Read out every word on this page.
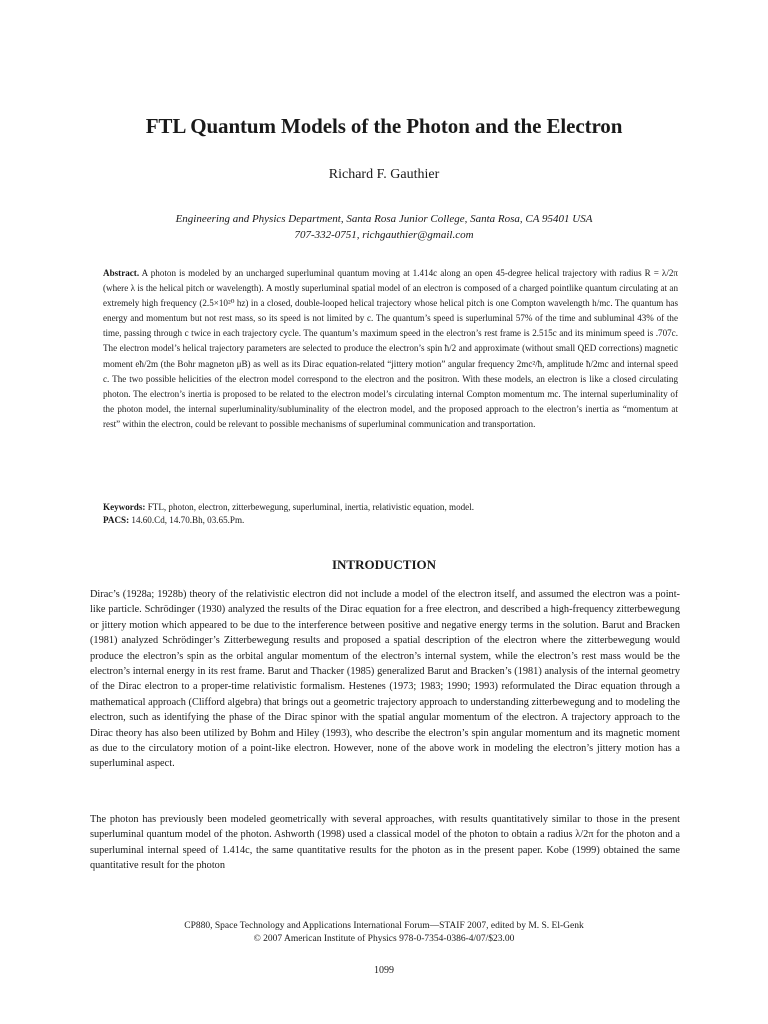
FTL Quantum Models of the Photon and the Electron
Richard F. Gauthier
Engineering and Physics Department, Santa Rosa Junior College, Santa Rosa, CA 95401 USA
707-332-0751, richgauthier@gmail.com
Abstract. A photon is modeled by an uncharged superluminal quantum moving at 1.414c along an open 45-degree helical trajectory with radius R = λ/2π (where λ is the helical pitch or wavelength). A mostly superluminal spatial model of an electron is composed of a charged pointlike quantum circulating at an extremely high frequency (2.5×10²⁰ hz) in a closed, double-looped helical trajectory whose helical pitch is one Compton wavelength h/mc. The quantum has energy and momentum but not rest mass, so its speed is not limited by c. The quantum’s speed is superluminal 57% of the time and subluminal 43% of the time, passing through c twice in each trajectory cycle. The quantum’s maximum speed in the electron’s rest frame is 2.515c and its minimum speed is .707c. The electron model’s helical trajectory parameters are selected to produce the electron’s spin ħ/2 and approximate (without small QED corrections) magnetic moment eħ/2m (the Bohr magneton μB) as well as its Dirac equation-related “jittery motion” angular frequency 2mc²/ħ, amplitude ħ/2mc and internal speed c. The two possible helicities of the electron model correspond to the electron and the positron. With these models, an electron is like a closed circulating photon. The electron’s inertia is proposed to be related to the electron model’s circulating internal Compton momentum mc. The internal superluminality of the photon model, the internal superluminality/subluminality of the electron model, and the proposed approach to the electron’s inertia as “momentum at rest” within the electron, could be relevant to possible mechanisms of superluminal communication and transportation.
Keywords: FTL, photon, electron, zitterbewegung, superluminal, inertia, relativistic equation, model.
PACS: 14.60.Cd, 14.70.Bh, 03.65.Pm.
INTRODUCTION
Dirac’s (1928a; 1928b) theory of the relativistic electron did not include a model of the electron itself, and assumed the electron was a point-like particle. Schrödinger (1930) analyzed the results of the Dirac equation for a free electron, and described a high-frequency zitterbewegung or jittery motion which appeared to be due to the interference between positive and negative energy terms in the solution. Barut and Bracken (1981) analyzed Schrödinger’s Zitterbewegung results and proposed a spatial description of the electron where the zitterbewegung would produce the electron’s spin as the orbital angular momentum of the electron’s internal system, while the electron’s rest mass would be the electron’s internal energy in its rest frame. Barut and Thacker (1985) generalized Barut and Bracken’s (1981) analysis of the internal geometry of the Dirac electron to a proper-time relativistic formalism. Hestenes (1973; 1983; 1990; 1993) reformulated the Dirac equation through a mathematical approach (Clifford algebra) that brings out a geometric trajectory approach to understanding zitterbewegung and to modeling the electron, such as identifying the phase of the Dirac spinor with the spatial angular momentum of the electron. A trajectory approach to the Dirac theory has also been utilized by Bohm and Hiley (1993), who describe the electron’s spin angular momentum and its magnetic moment as due to the circulatory motion of a point-like electron. However, none of the above work in modeling the electron’s jittery motion has a superluminal aspect.
The photon has previously been modeled geometrically with several approaches, with results quantitatively similar to those in the present superluminal quantum model of the photon. Ashworth (1998) used a classical model of the photon to obtain a radius λ/2π for the photon and a superluminal internal speed of 1.414c, the same quantitative results for the photon as in the present paper. Kobe (1999) obtained the same quantitative result for the photon
CP880, Space Technology and Applications International Forum—STAIF 2007, edited by M. S. El-Genk
© 2007 American Institute of Physics 978-0-7354-0386-4/07/$23.00
1099
